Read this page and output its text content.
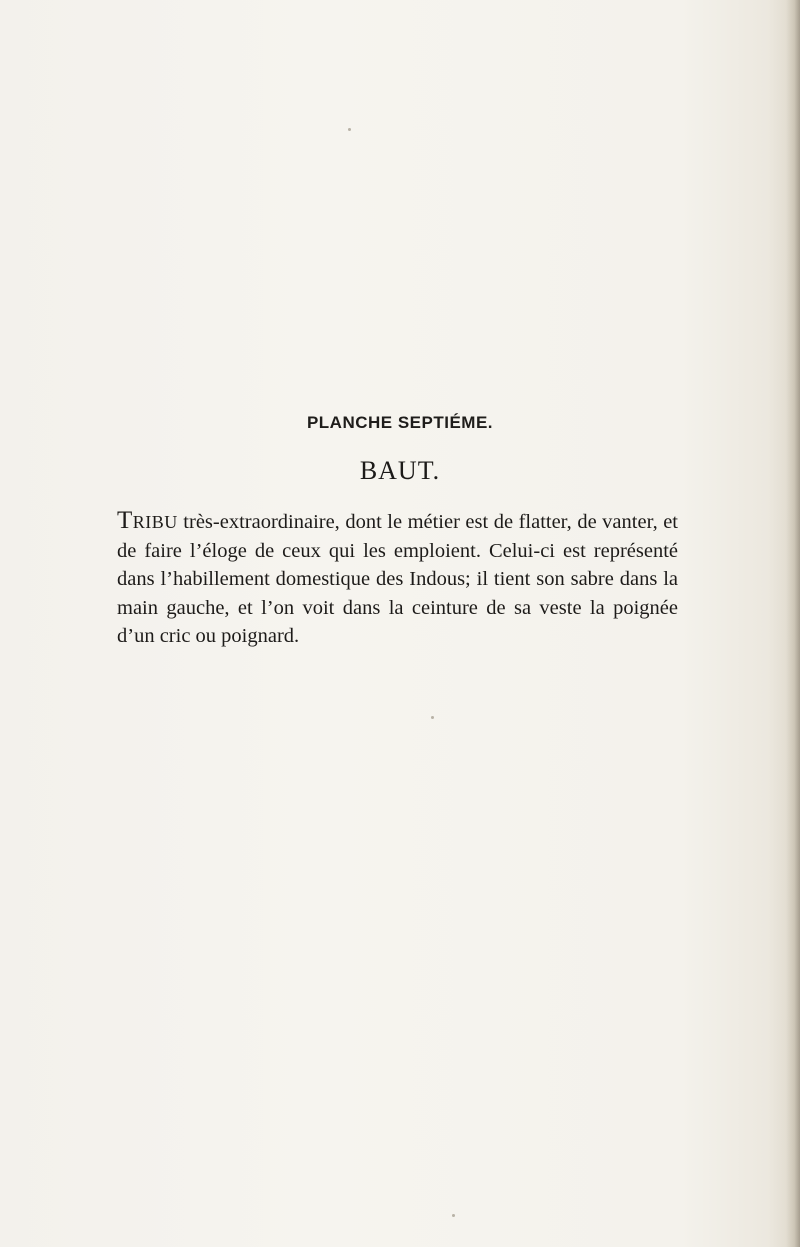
PLANCHE SEPTIÉME.
BAUT.
Tribu très-extraordinaire, dont le métier est de flatter, de vanter, et de faire l’éloge de ceux qui les emploient. Celui-ci est représenté dans l’habillement domestique des Indous; il tient son sabre dans la main gauche, et l’on voit dans la ceinture de sa veste la poignée d’un cric ou poignard.
